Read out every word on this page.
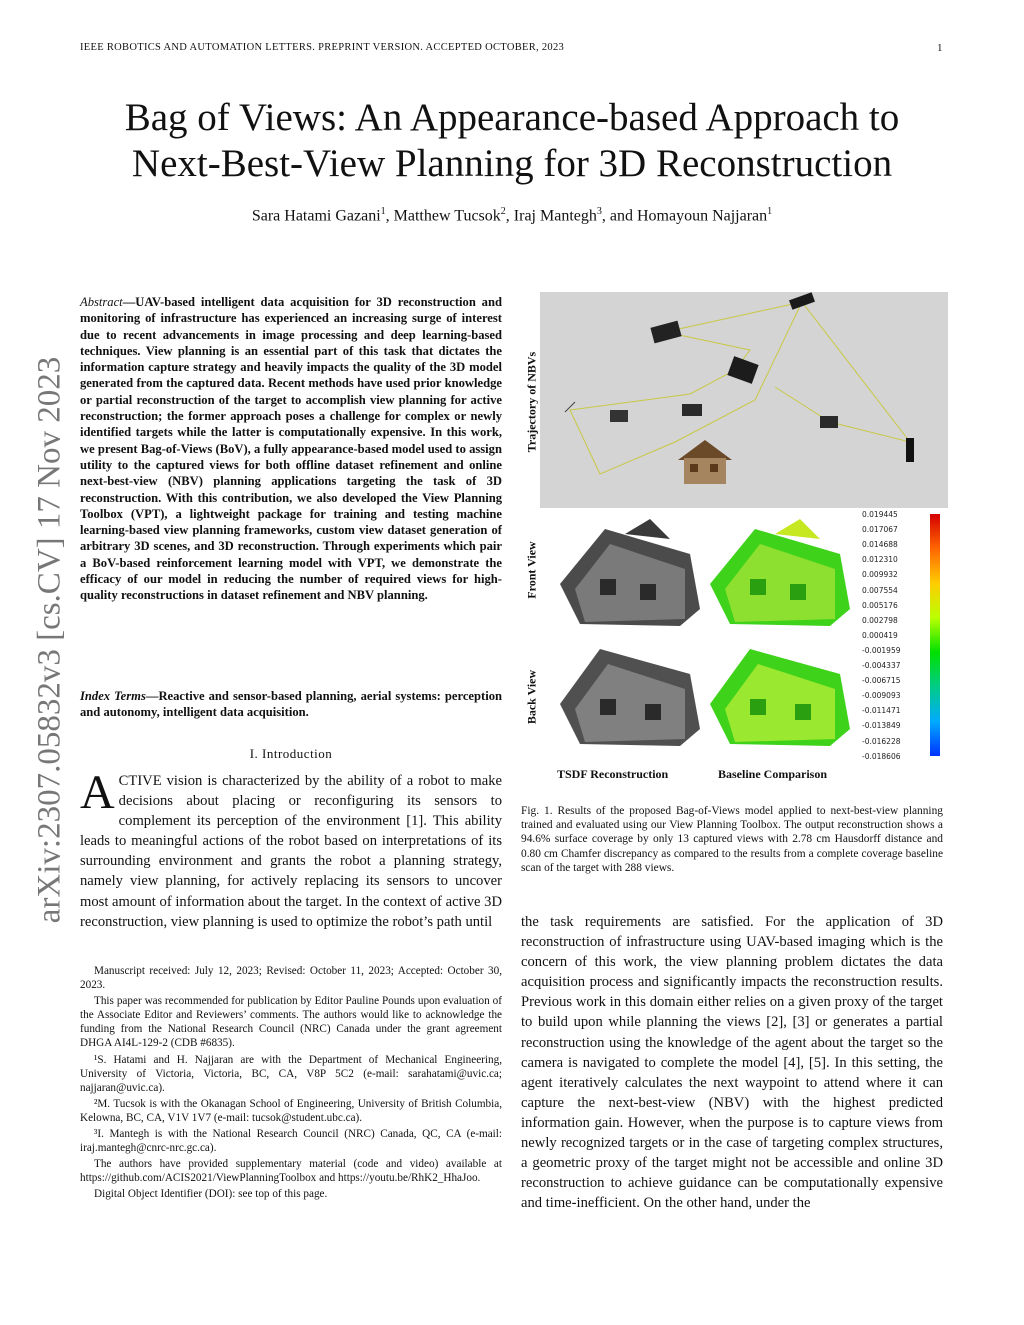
IEEE ROBOTICS AND AUTOMATION LETTERS. PREPRINT VERSION. ACCEPTED OCTOBER, 2023	1
Bag of Views: An Appearance-based Approach to
Next-Best-View Planning for 3D Reconstruction
Sara Hatami Gazani$^1$, Matthew Tucsok$^2$, Iraj Mantegh$^3$, and Homayoun Najjaran$^1$
arXiv:2307.05832v3 [cs.CV] 17 Nov 2023
Abstract—UAV-based intelligent data acquisition for 3D reconstruction and monitoring of infrastructure has experienced an increasing surge of interest due to recent advancements in image processing and deep learning-based techniques. View planning is an essential part of this task that dictates the information capture strategy and heavily impacts the quality of the 3D model generated from the captured data. Recent methods have used prior knowledge or partial reconstruction of the target to accomplish view planning for active reconstruction; the former approach poses a challenge for complex or newly identified targets while the latter is computationally expensive. In this work, we present Bag-of-Views (BoV), a fully appearance-based model used to assign utility to the captured views for both offline dataset refinement and online next-best-view (NBV) planning applications targeting the task of 3D reconstruction. With this contribution, we also developed the View Planning Toolbox (VPT), a lightweight package for training and testing machine learning-based view planning frameworks, custom view dataset generation of arbitrary 3D scenes, and 3D reconstruction. Through experiments which pair a BoV-based reinforcement learning model with VPT, we demonstrate the efficacy of our model in reducing the number of required views for high-quality reconstructions in dataset refinement and NBV planning.
Index Terms—Reactive and sensor-based planning, aerial systems: perception and autonomy, intelligent data acquisition.
I. Introduction
ACTIVE vision is characterized by the ability of a robot to make decisions about placing or reconfiguring its sensors to complement its perception of the environment [1]. This ability leads to meaningful actions of the robot based on interpretations of its surrounding environment and grants the robot a planning strategy, namely view planning, for actively replacing its sensors to uncover most amount of information about the target. In the context of active 3D reconstruction, view planning is used to optimize the robot’s path until

Manuscript received: July 12, 2023; Revised: October 11, 2023; Accepted: October 30, 2023.

This paper was recommended for publication by Editor Pauline Pounds upon evaluation of the Associate Editor and Reviewers’ comments. The authors would like to acknowledge the funding from the National Research Council (NRC) Canada under the grant agreement DHGA AI4L-129-2 (CDB #6835).

¹S. Hatami and H. Najjaran are with the Department of Mechanical Engineering, University of Victoria, Victoria, BC, CA, V8P 5C2 (e-mail: sarahatami@uvic.ca; najjaran@uvic.ca).

²M. Tucsok is with the Okanagan School of Engineering, University of British Columbia, Kelowna, BC, CA, V1V 1V7 (e-mail: tucsok@student.ubc.ca).

³I. Mantegh is with the National Research Council (NRC) Canada, QC, CA (e-mail: iraj.mantegh@cnrc-nrc.gc.ca).

The authors have provided supplementary material (code and video) available at https://github.com/ACIS2021/ViewPlanningToolbox and https://youtu.be/RhK2_HhaJoo.

Digital Object Identifier (DOI): see top of this page.

0.019445
0.017067
0.014688
0.012310
0.009932
0.007554
0.005176
0.002798
0.000419
-0.001959
-0.004337
-0.006715
-0.009093
-0.011471
-0.013849
-0.016228
-0.018606
Trajectory of NBVs
Front View
Back View
TSDF Reconstruction	Baseline Comparison
Fig. 1. Results of the proposed Bag-of-Views model applied to next-best-view planning trained and evaluated using our View Planning Toolbox. The output reconstruction shows a 94.6% surface coverage by only 13 captured views with 2.78 cm Hausdorff distance and 0.80 cm Chamfer discrepancy as compared to the results from a complete coverage baseline scan of the target with 288 views.
the task requirements are satisfied. For the application of 3D reconstruction of infrastructure using UAV-based imaging which is the concern of this work, the view planning problem dictates the data acquisition process and significantly impacts the reconstruction results. Previous work in this domain either relies on a given proxy of the target to build upon while planning the views [2], [3] or generates a partial reconstruction using the knowledge of the agent about the target so the camera is navigated to complete the model [4], [5]. In this setting, the agent iteratively calculates the next waypoint to attend where it can capture the next-best-view (NBV) with the highest predicted information gain. However, when the purpose is to capture views from newly recognized targets or in the case of targeting complex structures, a geometric proxy of the target might not be accessible and online 3D reconstruction to achieve guidance can be computationally expensive and time-inefficient. On the other hand, under the
